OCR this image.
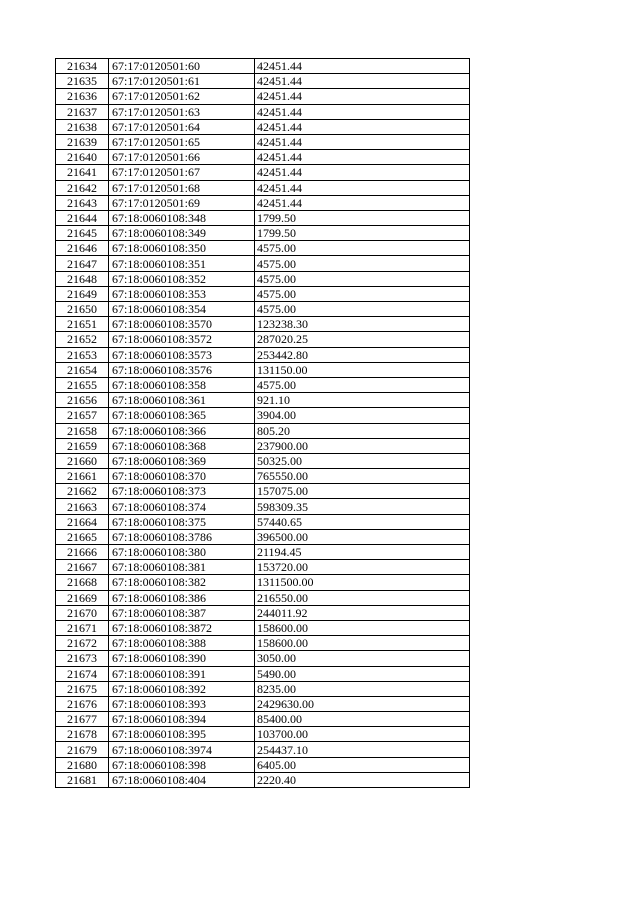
21634	67:17:0120501:60	42451.44
21635	67:17:0120501:61	42451.44
21636	67:17:0120501:62	42451.44
21637	67:17:0120501:63	42451.44
21638	67:17:0120501:64	42451.44
21639	67:17:0120501:65	42451.44
21640	67:17:0120501:66	42451.44
21641	67:17:0120501:67	42451.44
21642	67:17:0120501:68	42451.44
21643	67:17:0120501:69	42451.44
21644	67:18:0060108:348	1799.50
21645	67:18:0060108:349	1799.50
21646	67:18:0060108:350	4575.00
21647	67:18:0060108:351	4575.00
21648	67:18:0060108:352	4575.00
21649	67:18:0060108:353	4575.00
21650	67:18:0060108:354	4575.00
21651	67:18:0060108:3570	123238.30
21652	67:18:0060108:3572	287020.25
21653	67:18:0060108:3573	253442.80
21654	67:18:0060108:3576	131150.00
21655	67:18:0060108:358	4575.00
21656	67:18:0060108:361	921.10
21657	67:18:0060108:365	3904.00
21658	67:18:0060108:366	805.20
21659	67:18:0060108:368	237900.00
21660	67:18:0060108:369	50325.00
21661	67:18:0060108:370	765550.00
21662	67:18:0060108:373	157075.00
21663	67:18:0060108:374	598309.35
21664	67:18:0060108:375	57440.65
21665	67:18:0060108:3786	396500.00
21666	67:18:0060108:380	21194.45
21667	67:18:0060108:381	153720.00
21668	67:18:0060108:382	1311500.00
21669	67:18:0060108:386	216550.00
21670	67:18:0060108:387	244011.92
21671	67:18:0060108:3872	158600.00
21672	67:18:0060108:388	158600.00
21673	67:18:0060108:390	3050.00
21674	67:18:0060108:391	5490.00
21675	67:18:0060108:392	8235.00
21676	67:18:0060108:393	2429630.00
21677	67:18:0060108:394	85400.00
21678	67:18:0060108:395	103700.00
21679	67:18:0060108:3974	254437.10
21680	67:18:0060108:398	6405.00
21681	67:18:0060108:404	2220.40
